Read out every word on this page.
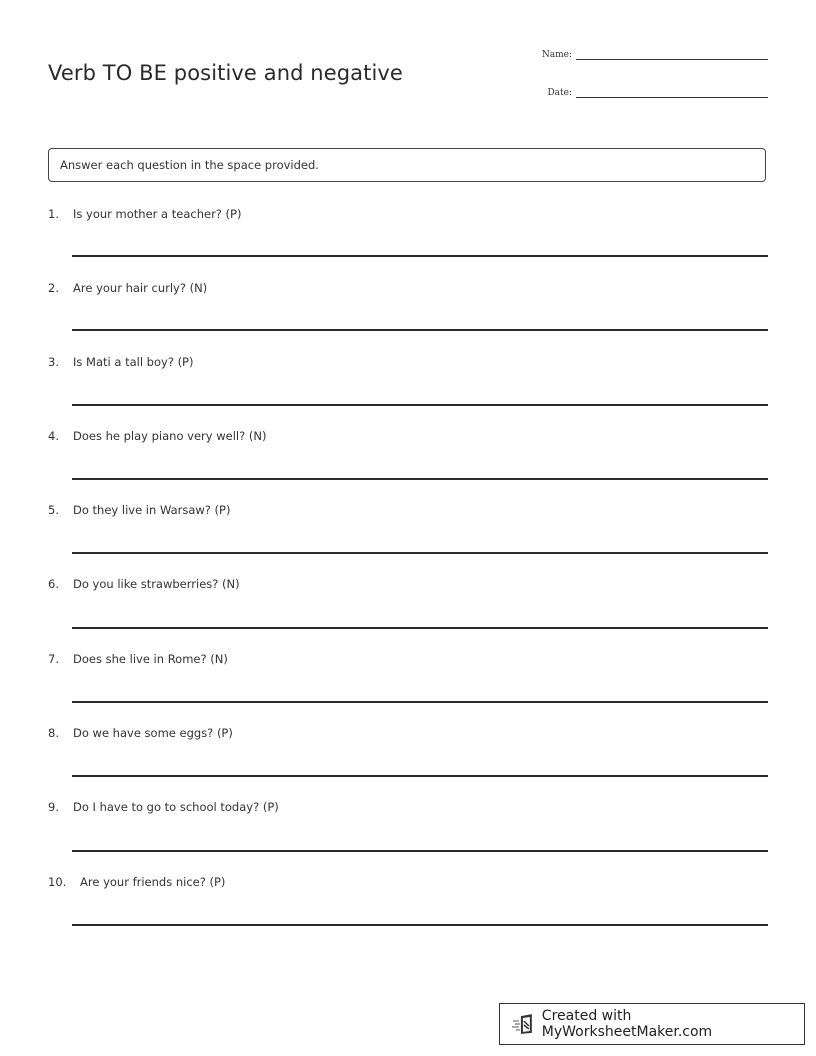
Verb TO BE positive and negative
Name:
Date:
Answer each question in the space provided.
1.	Is your mother a teacher? (P)
2.	Are your hair curly? (N)
3.	Is Mati a tall boy? (P)
4.	Does he play piano very well? (N)
5.	Do they live in Warsaw? (P)
6.	Do you like strawberries? (N)
7.	Does she live in Rome? (N)
8.	Do we have some eggs? (P)
9.	Do I have to go to school today? (P)
10.	Are your friends nice? (P)
Created with MyWorksheetMaker.com
